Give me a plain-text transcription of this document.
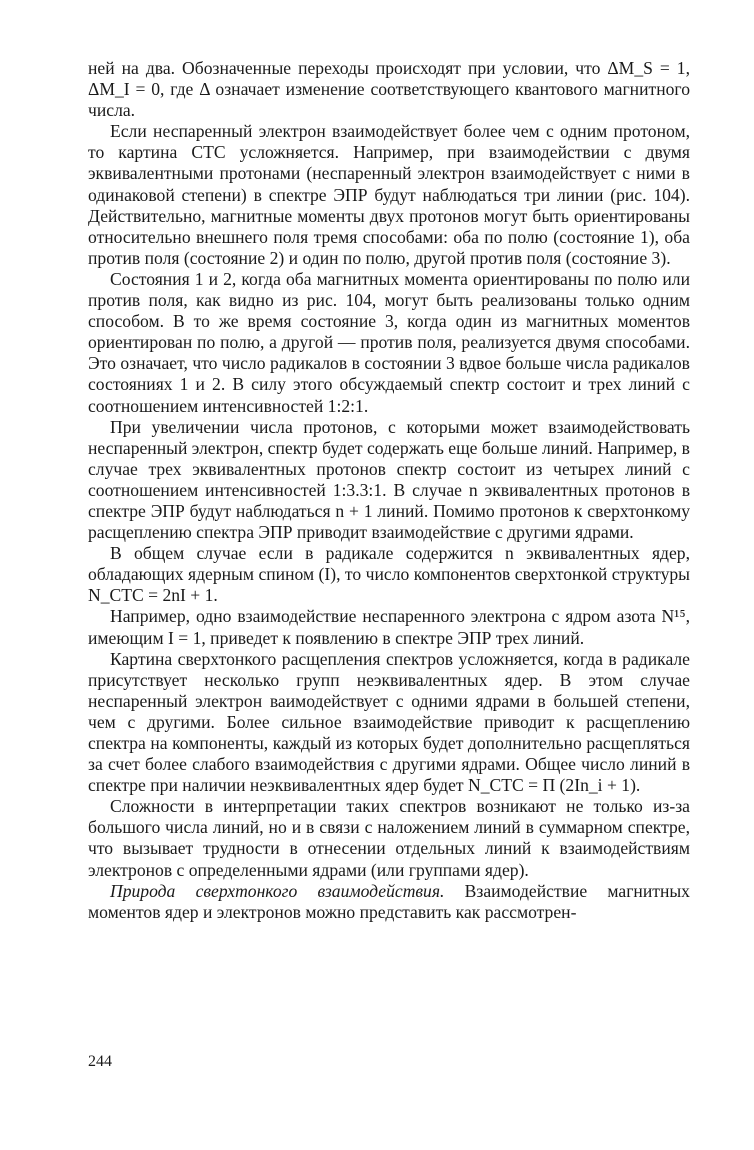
ней на два. Обозначенные переходы происходят при условии, что ΔM_S = 1, ΔM_I = 0, где Δ означает изменение соответствующего квантового магнитного числа.

Если неспаренный электрон взаимодействует более чем с одним протоном, то картина СТС усложняется. Например, при взаимодействии с двумя эквивалентными протонами (неспаренный электрон взаимодействует с ними в одинаковой степени) в спектре ЭПР будут наблюдаться три линии (рис. 104). Действительно, магнитные моменты двух протонов могут быть ориентированы относительно внешнего поля тремя способами: оба по полю (состояние 1), оба против поля (состояние 2) и один по полю, другой против поля (состояние 3).

Состояния 1 и 2, когда оба магнитных момента ориентированы по полю или против поля, как видно из рис. 104, могут быть реализованы только одним способом. В то же время состояние 3, когда один из магнитных моментов ориентирован по полю, а другой — против поля, реализуется двумя способами. Это означает, что число радикалов в состоянии 3 вдвое больше числа радикалов состояниях 1 и 2. В силу этого обсуждаемый спектр состоит и трех линий с соотношением интенсивностей 1:2:1.

При увеличении числа протонов, с которыми может взаимодействовать неспаренный электрон, спектр будет содержать еще больше линий. Например, в случае трех эквивалентных протонов спектр состоит из четырех линий с соотношением интенсивностей 1:3.3:1. В случае n эквивалентных протонов в спектре ЭПР будут наблюдаться n + 1 линий. Помимо протонов к сверхтонкому расщеплению спектра ЭПР приводит взаимодействие с другими ядрами.

В общем случае если в радикале содержится n эквивалентных ядер, обладающих ядерным спином (I), то число компонентов сверхтонкой структуры N_СТС = 2nI + 1.

Например, одно взаимодействие неспаренного электрона с ядром азота N¹⁵, имеющим I = 1, приведет к появлению в спектре ЭПР трех линий.

Картина сверхтонкого расщепления спектров усложняется, когда в радикале присутствует несколько групп неэквивалентных ядер. В этом случае неспаренный электрон ваимодействует с одними ядрами в большей степени, чем с другими. Более сильное взаимодействие приводит к расщеплению спектра на компоненты, каждый из которых будет дополнительно расщепляться за счет более слабого взаимодействия с другими ядрами. Общее число линий в спектре при наличии неэквивалентных ядер будет N_СТС = Π (2In_i + 1).

Сложности в интерпретации таких спектров возникают не только из-за большого числа линий, но и в связи с наложением линий в суммарном спектре, что вызывает трудности в отнесении отдельных линий к взаимодействиям электронов с определенными ядрами (или группами ядер).

Природа сверхтонкого взаимодействия. Взаимодействие магнитных моментов ядер и электронов можно представить как рассмотрен-

244
